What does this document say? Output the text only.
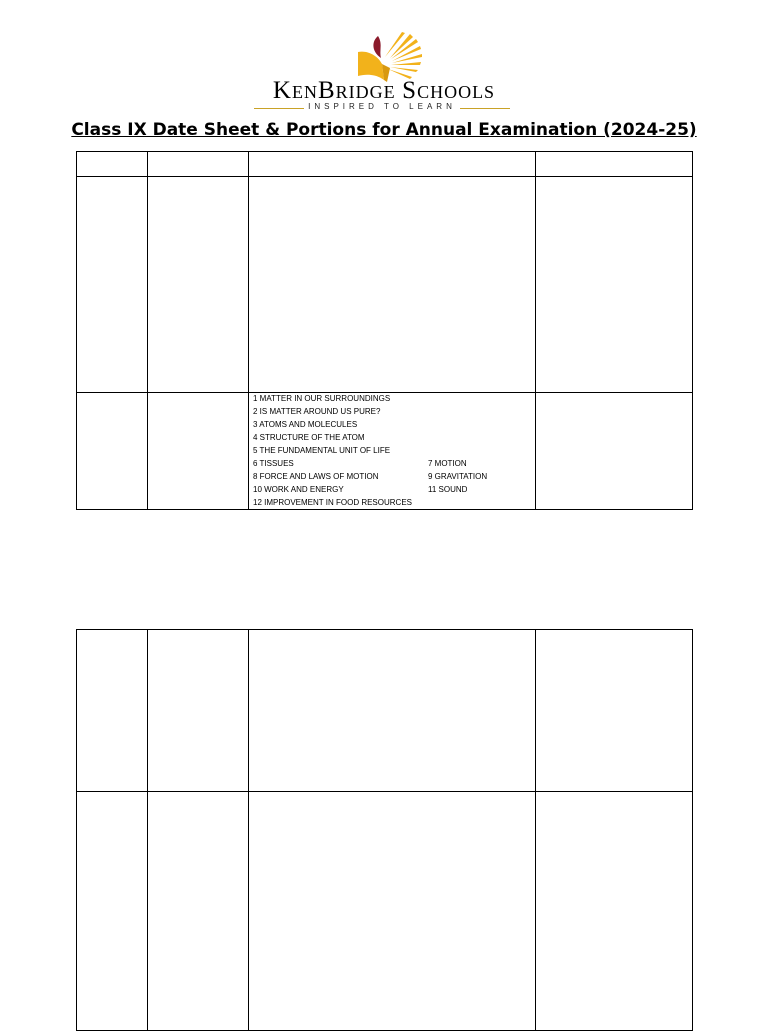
KENBRIDGE SCHOOLS
INSPIRED TO LEARN
Class IX Date Sheet & Portions for Annual Examination (2024-25)
1 MATTER IN OUR SURROUNDINGS
2 IS MATTER AROUND US PURE?
3 ATOMS AND MOLECULES
4 STRUCTURE OF THE ATOM
5 THE FUNDAMENTAL UNIT OF LIFE
6 TISSUES	7 MOTION
8 FORCE AND LAWS OF MOTION	9 GRAVITATION
10 WORK AND ENERGY	11 SOUND
12 IMPROVEMENT IN FOOD RESOURCES
